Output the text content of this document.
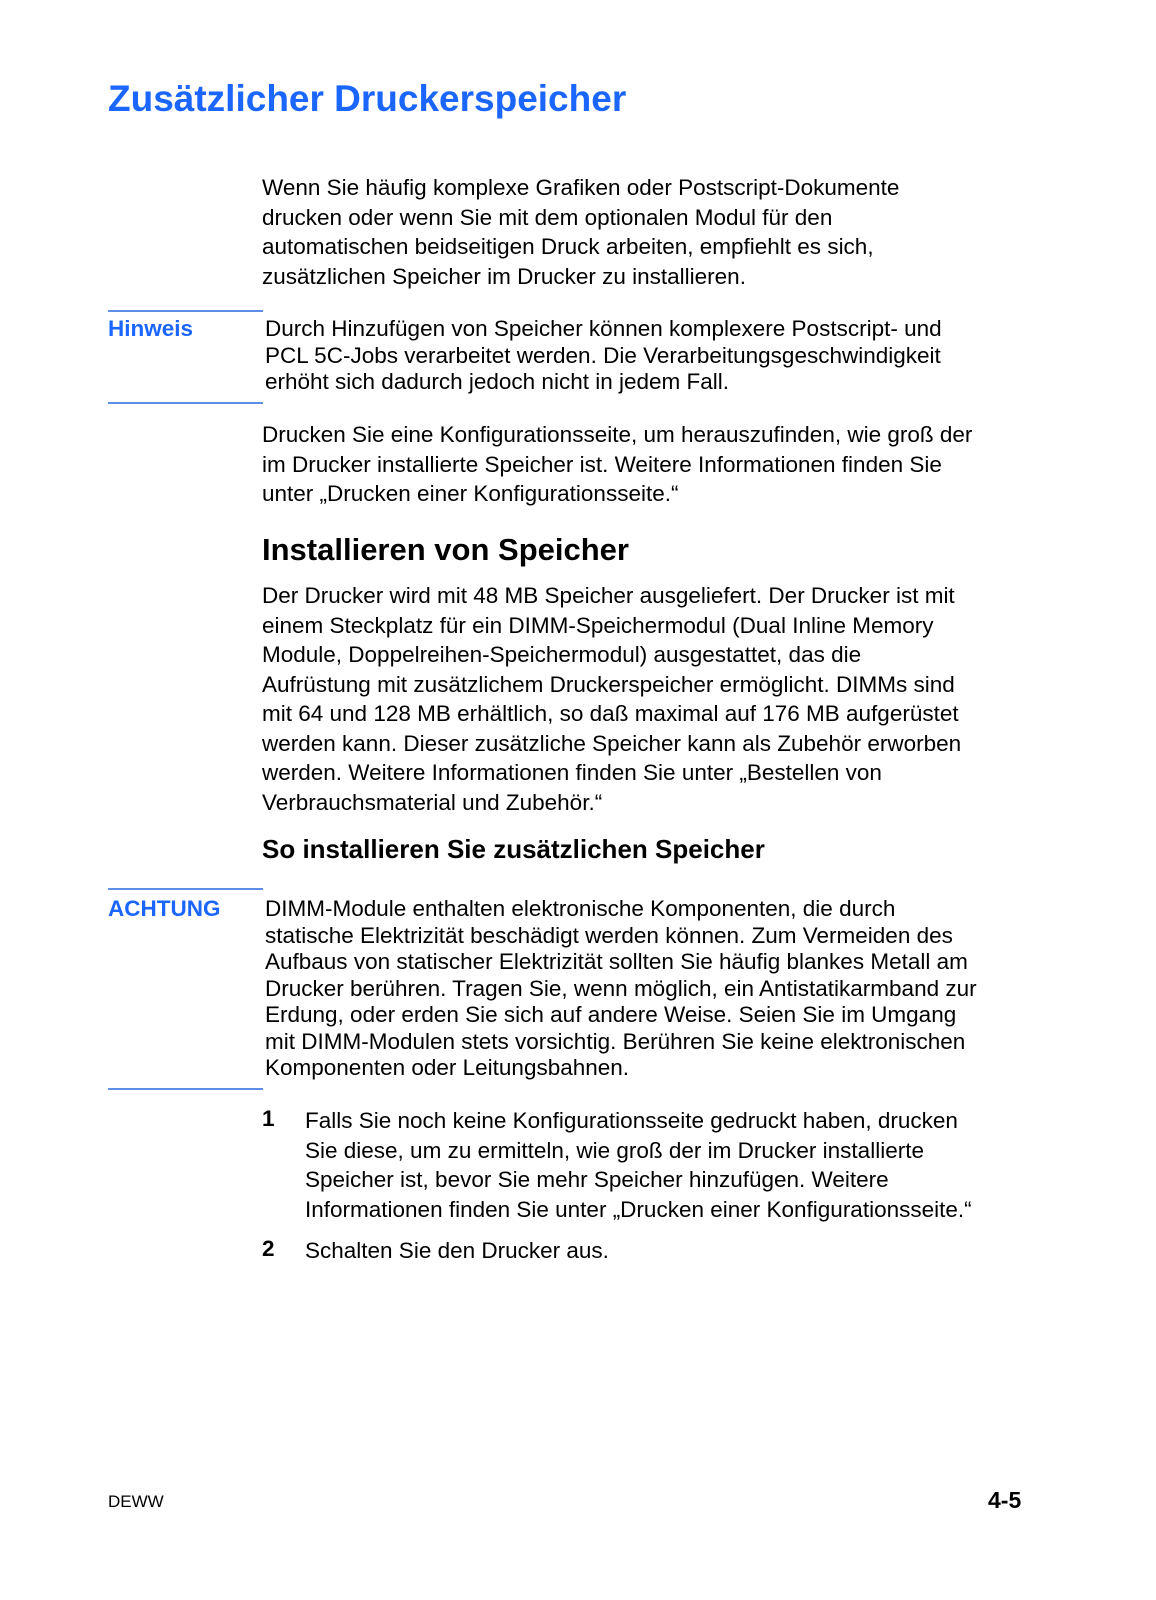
Zusätzlicher Druckerspeicher
Wenn Sie häufig komplexe Grafiken oder Postscript-Dokumente
drucken oder wenn Sie mit dem optionalen Modul für den
automatischen beidseitigen Druck arbeiten, empfiehlt es sich,
zusätzlichen Speicher im Drucker zu installieren.
Hinweis	Durch Hinzufügen von Speicher können komplexere Postscript- und
PCL 5C-Jobs verarbeitet werden. Die Verarbeitungsgeschwindigkeit
erhöht sich dadurch jedoch nicht in jedem Fall.
Drucken Sie eine Konfigurationsseite, um herauszufinden, wie groß der
im Drucker installierte Speicher ist. Weitere Informationen finden Sie
unter „Drucken einer Konfigurationsseite.“
Installieren von Speicher
Der Drucker wird mit 48 MB Speicher ausgeliefert. Der Drucker ist mit
einem Steckplatz für ein DIMM-Speichermodul (Dual Inline Memory
Module, Doppelreihen-Speichermodul) ausgestattet, das die
Aufrüstung mit zusätzlichem Druckerspeicher ermöglicht. DIMMs sind
mit 64 und 128 MB erhältlich, so daß maximal auf 176 MB aufgerüstet
werden kann. Dieser zusätzliche Speicher kann als Zubehör erworben
werden. Weitere Informationen finden Sie unter „Bestellen von
Verbrauchsmaterial und Zubehör.“
So installieren Sie zusätzlichen Speicher
ACHTUNG DIMM-Module enthalten elektronische Komponenten, die durch
statische Elektrizität beschädigt werden können. Zum Vermeiden des
Aufbaus von statischer Elektrizität sollten Sie häufig blankes Metall am
Drucker berühren. Tragen Sie, wenn möglich, ein Antistatikarmband zur
Erdung, oder erden Sie sich auf andere Weise. Seien Sie im Umgang
mit DIMM-Modulen stets vorsichtig. Berühren Sie keine elektronischen
Komponenten oder Leitungsbahnen.
1 Falls Sie noch keine Konfigurationsseite gedruckt haben, drucken
Sie diese, um zu ermitteln, wie groß der im Drucker installierte
Speicher ist, bevor Sie mehr Speicher hinzufügen. Weitere
Informationen finden Sie unter „Drucken einer Konfigurationsseite.“
2 Schalten Sie den Drucker aus.
DEWW	4-5
